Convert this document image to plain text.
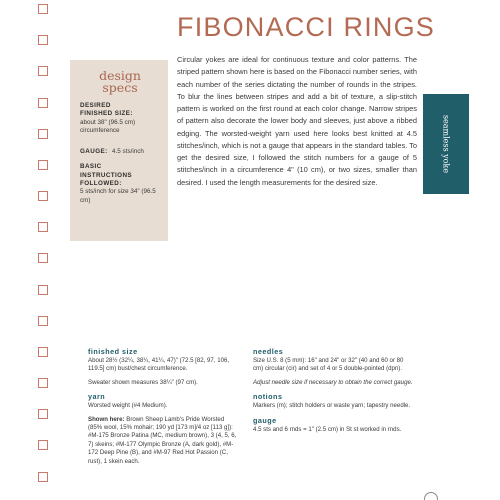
FIBONACCI RINGS
design
specs
DESIRED
FINISHED SIZE:
about 38" (96.5 cm) circumference
GAUGE: 4.5 sts/inch
BASIC
INSTRUCTIONS
FOLLOWED:
5 sts/inch for size 34" (96.5 cm)

Circular yokes are ideal for continuous texture and color patterns. The striped pattern shown here is based on the Fibonacci number series, with each number of the series dictating the number of rounds in the stripes. To blur the lines between stripes and add a bit of texture, a slip-stitch pattern is worked on the first round at each color change. Narrow stripes of pattern also decorate the lower body and sleeves, just above a ribbed edging. The worsted-weight yarn used here looks best knitted at 4.5 stitches/inch, which is not a gauge that appears in the standard tables. To get the desired size, I followed the stitch numbers for a gauge of 5 stitches/inch in a circumference 4" (10 cm), or two sizes, smaller than desired. I used the length measurements for the desired size.

seamless yoke
finished size
About 28½ (32¼, 38¼, 41¼, 47)" (72.5 [82, 97, 106, 119.5] cm) bust/chest circumference.
Sweater shown measures 38¼" (97 cm).
yarn
Worsted weight (#4 Medium).
Shown here: Brown Sheep Lamb's Pride Worsted (85% wool, 15% mohair; 190 yd [173 m]/4 oz [113 g]): #M-175 Bronze Patina (MC, medium brown), 3 (4, 5, 6, 7) skeins; #M-177 Olympic Bronze (A, dark gold), #M-172 Deep Pine (B), and #M-97 Red Hot Passion (C, rust), 1 skein each.
needles
Size U.S. 8 (5 mm): 16" and 24" or 32" (40 and 60 or 80 cm) circular (cir) and set of 4 or 5 double-pointed (dpn).
Adjust needle size if necessary to obtain the correct gauge.
notions
Markers (m); stitch holders or waste yarn; tapestry needle.
gauge
4.5 sts and 6 rnds = 1" (2.5 cm) in St st worked in rnds.
